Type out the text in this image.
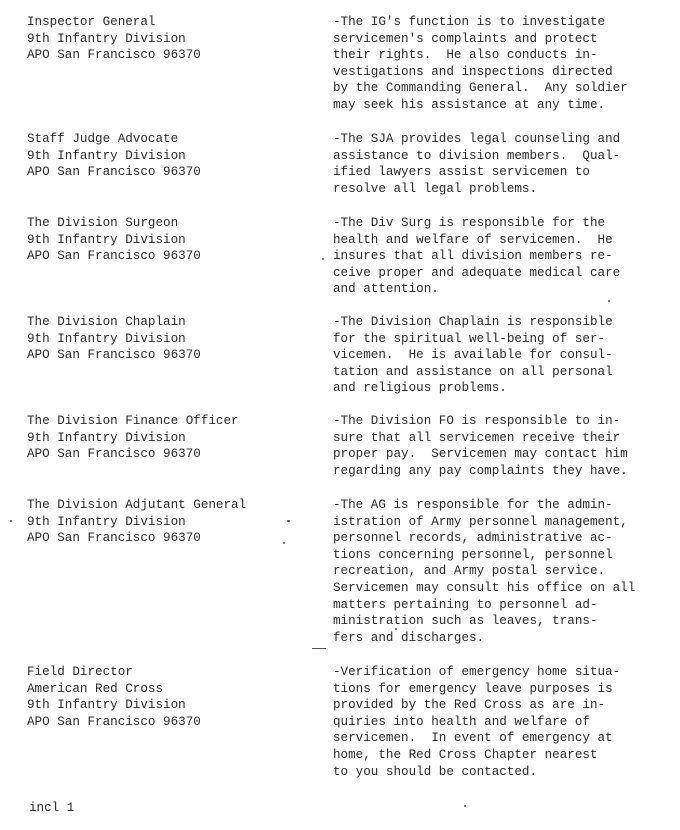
Inspector General
9th Infantry Division
APO San Francisco 96370
-The IG's function is to investigate
servicemen's complaints and protect
their rights.  He also conducts in-
vestigations and inspections directed
by the Commanding General.  Any soldier
may seek his assistance at any time.
Staff Judge Advocate
9th Infantry Division
APO San Francisco 96370
-The SJA provides legal counseling and
assistance to division members.  Qual-
ified lawyers assist servicemen to
resolve all legal problems.
The Division Surgeon
9th Infantry Division
APO San Francisco 96370
-The Div Surg is responsible for the
health and welfare of servicemen.  He
insures that all division members re-
ceive proper and adequate medical care
and attention.
The Division Chaplain
9th Infantry Division
APO San Francisco 96370
-The Division Chaplain is responsible
for the spiritual well-being of ser-
vicemen.  He is available for consul-
tation and assistance on all personal
and religious problems.
The Division Finance Officer
9th Infantry Division
APO San Francisco 96370
-The Division FO is responsible to in-
sure that all servicemen receive their
proper pay.  Servicemen may contact him
regarding any pay complaints they have.
The Division Adjutant General
9th Infantry Division
APO San Francisco 96370
-The AG is responsible for the admin-
istration of Army personnel management,
personnel records, administrative ac-
tions concerning personnel, personnel
recreation, and Army postal service.
Servicemen may consult his office on all
matters pertaining to personnel ad-
ministration such as leaves, trans-
fers and discharges.
Field Director
American Red Cross
9th Infantry Division
APO San Francisco 96370
-Verification of emergency home situa-
tions for emergency leave purposes is
provided by the Red Cross as are in-
quiries into health and welfare of
servicemen.  In event of emergency at
home, the Red Cross Chapter nearest
to you should be contacted.
incl 1
